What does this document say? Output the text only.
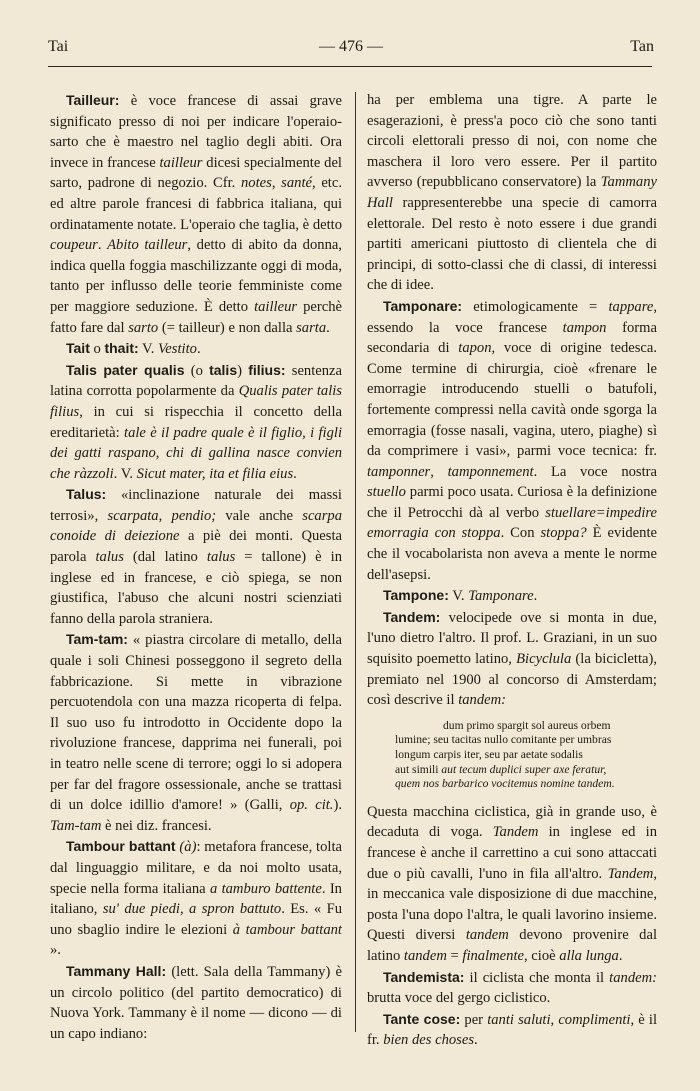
Tai	— 476 —	Tan

Tailleur: è voce francese di assai grave significato presso di noi per indicare l'operaio-sarto che è maestro nel taglio degli abiti. Ora invece in francese tailleur dicesi specialmente del sarto, padrone di negozio. Cfr. notes, santé, etc. ed altre parole francesi di fabbrica italiana, qui ordinatamente notate. L'operaio che taglia, è detto coupeur. Abito tailleur, detto di abito da donna, indica quella foggia maschilizzante oggi di moda, tanto per influsso delle teorie femministe come per maggiore seduzione. È detto tailleur perchè fatto fare dal sarto (= tailleur) e non dalla sarta.

Tait o thait: V. Vestito.

Talis pater qualis (o talis) filius: sentenza latina corrotta popolarmente da Qualis pater talis filius, in cui si rispecchia il concetto della ereditarietà: tale è il padre quale è il figlio, i figli dei gatti raspano, chi di gallina nasce convien che ràzzoli. V. Sicut mater, ita et filia eius.

Talus: «inclinazione naturale dei massi terrosi», scarpata, pendio; vale anche scarpa conoide di deiezione a piè dei monti. Questa parola talus (dal latino talus = tallone) è in inglese ed in francese, e ciò spiega, se non giustifica, l'abuso che alcuni nostri scienziati fanno della parola straniera.

Tam-tam: « piastra circolare di metallo, della quale i soli Chinesi posseggono il segreto della fabbricazione. Si mette in vibrazione percuotendola con una mazza ricoperta di felpa. Il suo uso fu introdotto in Occidente dopo la rivoluzione francese, dapprima nei funerali, poi in teatro nelle scene di terrore; oggi lo si adopera per far del fragore ossessionale, anche se trattasi di un dolce idillio d'amore! » (Galli, op. cit.). Tam-tam è nei diz. francesi.

Tambour battant (à): metafora francese, tolta dal linguaggio militare, e da noi molto usata, specie nella forma italiana a tamburo battente. In italiano, su' due piedi, a spron battuto. Es. « Fu uno sbaglio indire le elezioni à tambour battant ».

Tammany Hall: (lett. Sala della Tammany) è un circolo politico (del partito democratico) di Nuova York. Tammany è il nome — dicono — di un capo indiano:

ha per emblema una tigre. A parte le esagerazioni, è press'a poco ciò che sono tanti circoli elettorali presso di noi, con nome che maschera il loro vero essere. Per il partito avverso (repubblicano conservatore) la Tammany Hall rappresenterebbe una specie di camorra elettorale. Del resto è noto essere i due grandi partiti americani piuttosto di clientela che di principi, di sotto-classi che di classi, di interessi che di idee.

Tamponare: etimologicamente = tappare, essendo la voce francese tampon forma secondaria di tapon, voce di origine tedesca. Come termine di chirurgia, cioè «frenare le emorragie introducendo stuelli o batufoli, fortemente compressi nella cavità onde sgorga la emorragia (fosse nasali, vagina, utero, piaghe) sì da comprimere i vasi», parmi voce tecnica: fr. tamponner, tamponnement. La voce nostra stuello parmi poco usata. Curiosa è la definizione che il Petrocchi dà al verbo stuellare=impedire emorragia con stoppa. Con stoppa? È evidente che il vocabolarista non aveva a mente le norme dell'asepsi.

Tampone: V. Tamponare.

Tandem: velocipede ove si monta in due, l'uno dietro l'altro. Il prof. L. Graziani, in un suo squisito poemetto latino, Bicyclula (la bicicletta), premiato nel 1900 al concorso di Amsterdam; così descrive il tandem:

dum primo spargit sol aureus orbem
lumine; seu tacitas nullo comitante per umbras
longum carpis iter, seu par aetate sodalis
aut simili aut tecum duplici super axe feratur,
quem nos barbarico vocitemus nomine tandem.

Questa macchina ciclistica, già in grande uso, è decaduta di voga. Tandem in inglese ed in francese è anche il carrettino a cui sono attaccati due o più cavalli, l'uno in fila all'altro. Tandem, in meccanica vale disposizione di due macchine, posta l'una dopo l'altra, le quali lavorino insieme. Questi diversi tandem devono provenire dal latino tandem = finalmente, cioè alla lunga.

Tandemista: il ciclista che monta il tandem: brutta voce del gergo ciclistico.

Tante cose: per tanti saluti, complimenti, è il fr. bien des choses.
